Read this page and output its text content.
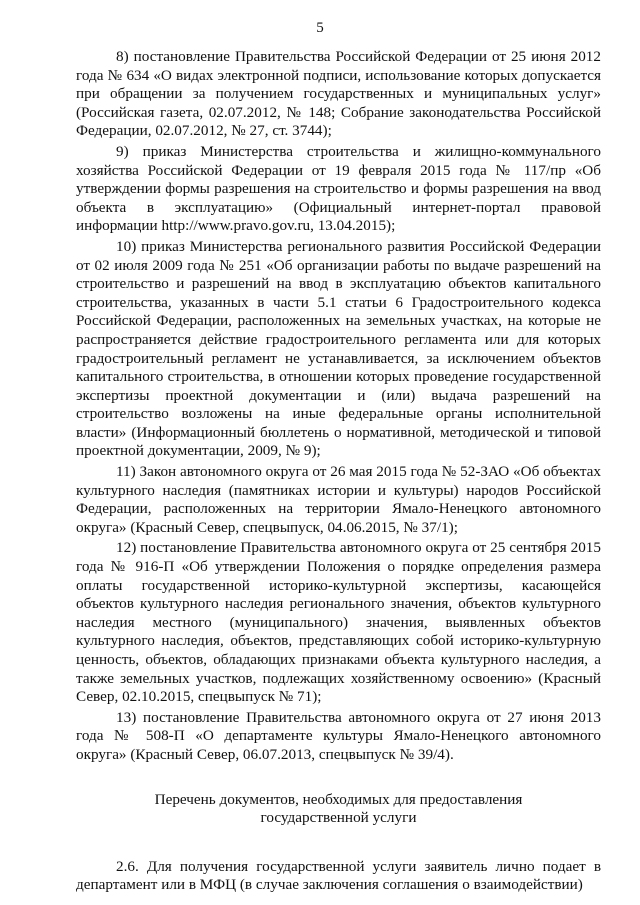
5

8) постановление Правительства Российской Федерации от 25 июня 2012 года № 634 «О видах электронной подписи, использование которых допускается при обращении за получением государственных и муниципальных услуг» (Российская газета, 02.07.2012, № 148; Собрание законодательства Российской Федерации, 02.07.2012, № 27, ст. 3744);

9) приказ Министерства строительства и жилищно-коммунального хозяйства Российской Федерации от 19 февраля 2015 года № 117/пр «Об утверждении формы разрешения на строительство и формы разрешения на ввод объекта в эксплуатацию» (Официальный интернет-портал правовой информации http://www.pravo.gov.ru, 13.04.2015);

10) приказ Министерства регионального развития Российской Федерации от 02 июля 2009 года № 251 «Об организации работы по выдаче разрешений на строительство и разрешений на ввод в эксплуатацию объектов капитального строительства, указанных в части 5.1 статьи 6 Градостроительного кодекса Российской Федерации, расположенных на земельных участках, на которые не распространяется действие градостроительного регламента или для которых градостроительный регламент не устанавливается, за исключением объектов капитального строительства, в отношении которых проведение государственной экспертизы проектной документации и (или) выдача разрешений на строительство возложены на иные федеральные органы исполнительной власти» (Информационный бюллетень о нормативной, методической и типовой проектной документации, 2009, № 9);

11) Закон автономного округа от 26 мая 2015 года № 52-ЗАО «Об объектах культурного наследия (памятниках истории и культуры) народов Российской Федерации, расположенных на территории Ямало-Ненецкого автономного округа» (Красный Север, спецвыпуск, 04.06.2015, № 37/1);

12) постановление Правительства автономного округа от 25 сентября 2015 года № 916-П «Об утверждении Положения о порядке определения размера оплаты государственной историко-культурной экспертизы, касающейся объектов культурного наследия регионального значения, объектов культурного наследия местного (муниципального) значения, выявленных объектов культурного наследия, объектов, представляющих собой историко-культурную ценность, объектов, обладающих признаками объекта культурного наследия, а также земельных участков, подлежащих хозяйственному освоению» (Красный Север, 02.10.2015, спецвыпуск № 71);

13) постановление Правительства автономного округа от 27 июня 2013 года № 508-П «О департаменте культуры Ямало-Ненецкого автономного округа» (Красный Север, 06.07.2013, спецвыпуск № 39/4).

Перечень документов, необходимых для предоставления
государственной услуги

2.6. Для получения государственной услуги заявитель лично подает в департамент или в МФЦ (в случае заключения соглашения о взаимодействии)
